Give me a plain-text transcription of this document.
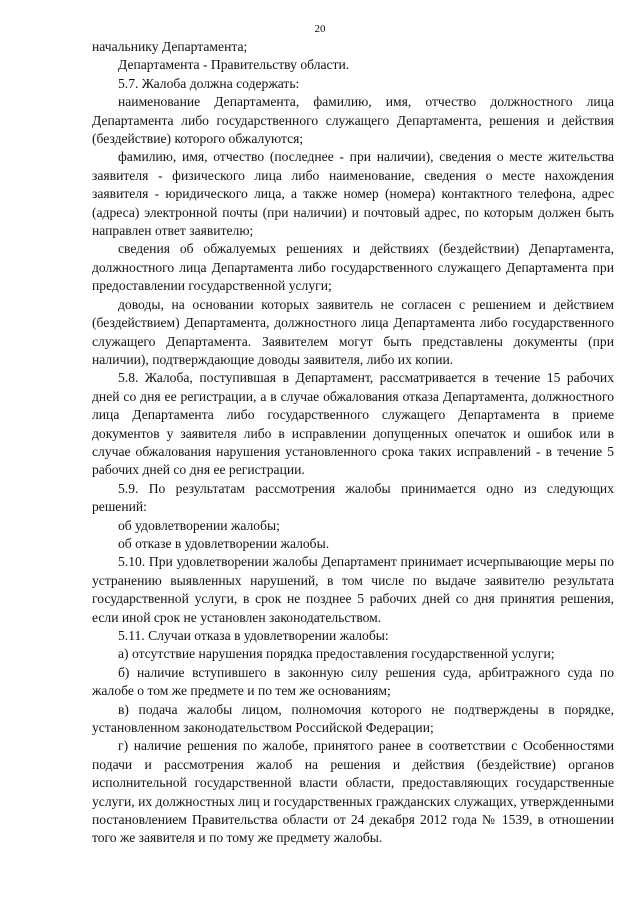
20

начальнику Департамента;

Департамента - Правительству области.

5.7. Жалоба должна содержать:

наименование Департамента, фамилию, имя, отчество должностного лица Департамента либо государственного служащего Департамента, решения и действия (бездействие) которого обжалуются;

фамилию, имя, отчество (последнее - при наличии), сведения о месте жительства заявителя - физического лица либо наименование, сведения о месте нахождения заявителя - юридического лица, а также номер (номера) контактного телефона, адрес (адреса) электронной почты (при наличии) и почтовый адрес, по которым должен быть направлен ответ заявителю;

сведения об обжалуемых решениях и действиях (бездействии) Департамента, должностного лица Департамента либо государственного служащего Департамента при предоставлении государственной услуги;

доводы, на основании которых заявитель не согласен с решением и действием (бездействием) Департамента, должностного лица Департамента либо государственного служащего Департамента. Заявителем могут быть представлены документы (при наличии), подтверждающие доводы заявителя, либо их копии.

5.8. Жалоба, поступившая в Департамент, рассматривается в течение 15 рабочих дней со дня ее регистрации, а в случае обжалования отказа Департамента, должностного лица Департамента либо государственного служащего Департамента в приеме документов у заявителя либо в исправлении допущенных опечаток и ошибок или в случае обжалования нарушения установленного срока таких исправлений - в течение 5 рабочих дней со дня ее регистрации.

5.9. По результатам рассмотрения жалобы принимается одно из следующих решений:

об удовлетворении жалобы;

об отказе в удовлетворении жалобы.

5.10. При удовлетворении жалобы Департамент принимает исчерпывающие меры по устранению выявленных нарушений, в том числе по выдаче заявителю результата государственной услуги, в срок не позднее 5 рабочих дней со дня принятия решения, если иной срок не установлен законодательством.

5.11. Случаи отказа в удовлетворении жалобы:

а) отсутствие нарушения порядка предоставления государственной услуги;

б) наличие вступившего в законную силу решения суда, арбитражного суда по жалобе о том же предмете и по тем же основаниям;

в) подача жалобы лицом, полномочия которого не подтверждены в порядке, установленном законодательством Российской Федерации;

г) наличие решения по жалобе, принятого ранее в соответствии с Особенностями подачи и рассмотрения жалоб на решения и действия (бездействие) органов исполнительной государственной власти области, предоставляющих государственные услуги, их должностных лиц и государственных гражданских служащих, утвержденными постановлением Правительства области от 24 декабря 2012 года № 1539, в отношении того же заявителя и по тому же предмету жалобы.
